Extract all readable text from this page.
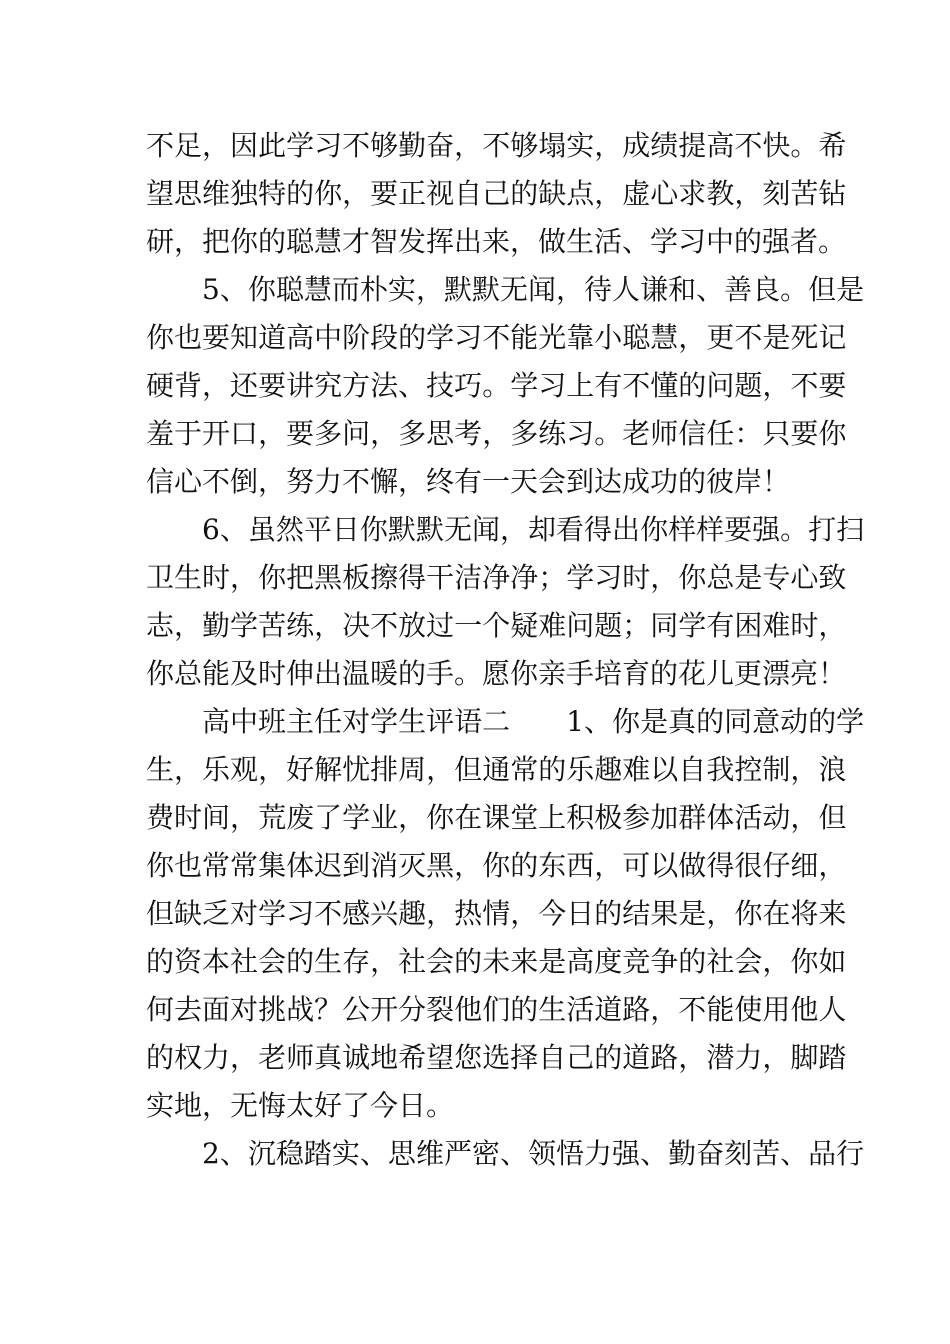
不 足 ， 因 此 学 习 不 够 勤 奋 ， 不 够 塌 实 ， 成 绩 提 高 不 快 。 希
望 思 维 独 特 的 你 ， 要 正 视 自 己 的 缺 点 ， 虚 心 求 教 ， 刻 苦 钻
研，把你的聪慧才智发挥出来，做生活、学习中的强者。
5 、 你 聪 慧 而 朴 实 ， 默 默 无 闻 ， 待 人 谦 和 、 善 良 。 但 是
你 也 要 知 道 高 中 阶 段 的 学 习 不 能 光 靠 小 聪 慧 ， 更 不 是 死 记
硬 背 ， 还 要 讲 究 方 法 、 技 巧 。 学 习 上 有 不 懂 的 问 题 ， 不 要
羞 于 开 口 ， 要 多 问 ， 多 思 考 ， 多 练 习 。 老 师 信 任 ： 只 要 你
信心不倒，努力不懈，终有一天会到达成功的彼岸！
6 、 虽 然 平 日 你 默 默 无 闻 ， 却 看 得 出 你 样 样 要 强 。 打 扫
卫 生 时 ， 你 把 黑 板 擦 得 干 洁 净 净 ； 学 习 时 ， 你 总 是 专 心 致
志 ， 勤 学 苦 练 ， 决 不 放 过 一 个 疑 难 问 题 ； 同 学 有 困 难 时 ，
你总能及时伸出温暖的手。愿你亲手培育的花儿更漂亮！
高 中 班 主 任 对 学 生 评 语 二

　 1 、 你 是 真 的 同 意 动 的 学
生 ， 乐 观 ， 好 解 忧 排 周 ， 但 通 常 的 乐 趣 难 以 自 我 控 制 ， 浪
费 时 间 ， 荒 废 了 学 业 ， 你 在 课 堂 上 积 极 参 加 群 体 活 动 ， 但
你 也 常 常 集 体 迟 到 消 灭 黑 ， 你 的 东 西 ， 可 以 做 得 很 仔 细 ，
但 缺 乏 对 学 习 不 感 兴 趣 ， 热 情 ， 今 日 的 结 果 是 ， 你 在 将 来
的 资 本 社 会 的 生 存 ， 社 会 的 未 来 是 高 度 竞 争 的 社 会 ， 你 如
何 去 面 对 挑 战 ？ 公 开 分 裂 他 们 的 生 活 道 路 ， 不 能 使 用 他 人
的 权 力 ， 老 师 真 诚 地 希 望 您 选 择 自 己 的 道 路 ， 潜 力 ， 脚 踏
实地，无悔太好了今日。
2 、 沉 稳 踏 实 、 思 维 严 密 、 领 悟 力 强 、 勤 奋 刻 苦 、 品 行
